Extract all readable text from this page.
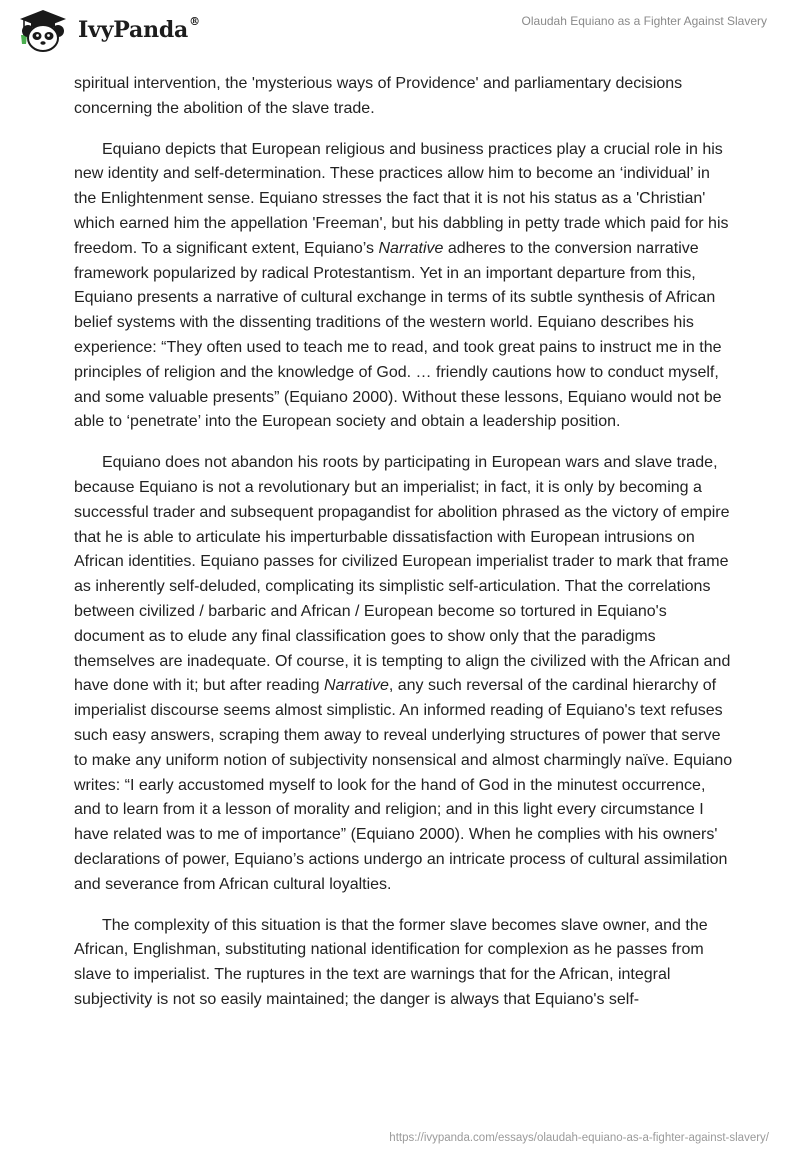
IvyPanda®	Olaudah Equiano as a Fighter Against Slavery

spiritual intervention, the 'mysterious ways of Providence' and parliamentary decisions concerning the abolition of the slave trade.

Equiano depicts that European religious and business practices play a crucial role in his new identity and self-determination. These practices allow him to become an ‘individual’ in the Enlightenment sense. Equiano stresses the fact that it is not his status as a 'Christian' which earned him the appellation 'Freeman', but his dabbling in petty trade which paid for his freedom. To a significant extent, Equiano’s Narrative adheres to the conversion narrative framework popularized by radical Protestantism. Yet in an important departure from this, Equiano presents a narrative of cultural exchange in terms of its subtle synthesis of African belief systems with the dissenting traditions of the western world. Equiano describes his experience: “They often used to teach me to read, and took great pains to instruct me in the principles of religion and the knowledge of God. … friendly cautions how to conduct myself, and some valuable presents” (Equiano 2000). Without these lessons, Equiano would not be able to ‘penetrate’ into the European society and obtain a leadership position.

Equiano does not abandon his roots by participating in European wars and slave trade, because Equiano is not a revolutionary but an imperialist; in fact, it is only by becoming a successful trader and subsequent propagandist for abolition phrased as the victory of empire that he is able to articulate his imperturbable dissatisfaction with European intrusions on African identities. Equiano passes for civilized European imperialist trader to mark that frame as inherently self-deluded, complicating its simplistic self-articulation. That the correlations between civilized / barbaric and African / European become so tortured in Equiano's document as to elude any final classification goes to show only that the paradigms themselves are inadequate. Of course, it is tempting to align the civilized with the African and have done with it; but after reading Narrative, any such reversal of the cardinal hierarchy of imperialist discourse seems almost simplistic. An informed reading of Equiano's text refuses such easy answers, scraping them away to reveal underlying structures of power that serve to make any uniform notion of subjectivity nonsensical and almost charmingly naïve. Equiano writes: “I early accustomed myself to look for the hand of God in the minutest occurrence, and to learn from it a lesson of morality and religion; and in this light every circumstance I have related was to me of importance” (Equiano 2000). When he complies with his owners' declarations of power, Equiano’s actions undergo an intricate process of cultural assimilation and severance from African cultural loyalties.

The complexity of this situation is that the former slave becomes slave owner, and the African, Englishman, substituting national identification for complexion as he passes from slave to imperialist. The ruptures in the text are warnings that for the African, integral subjectivity is not so easily maintained; the danger is always that Equiano's self-

https://ivypanda.com/essays/olaudah-equiano-as-a-fighter-against-slavery/
